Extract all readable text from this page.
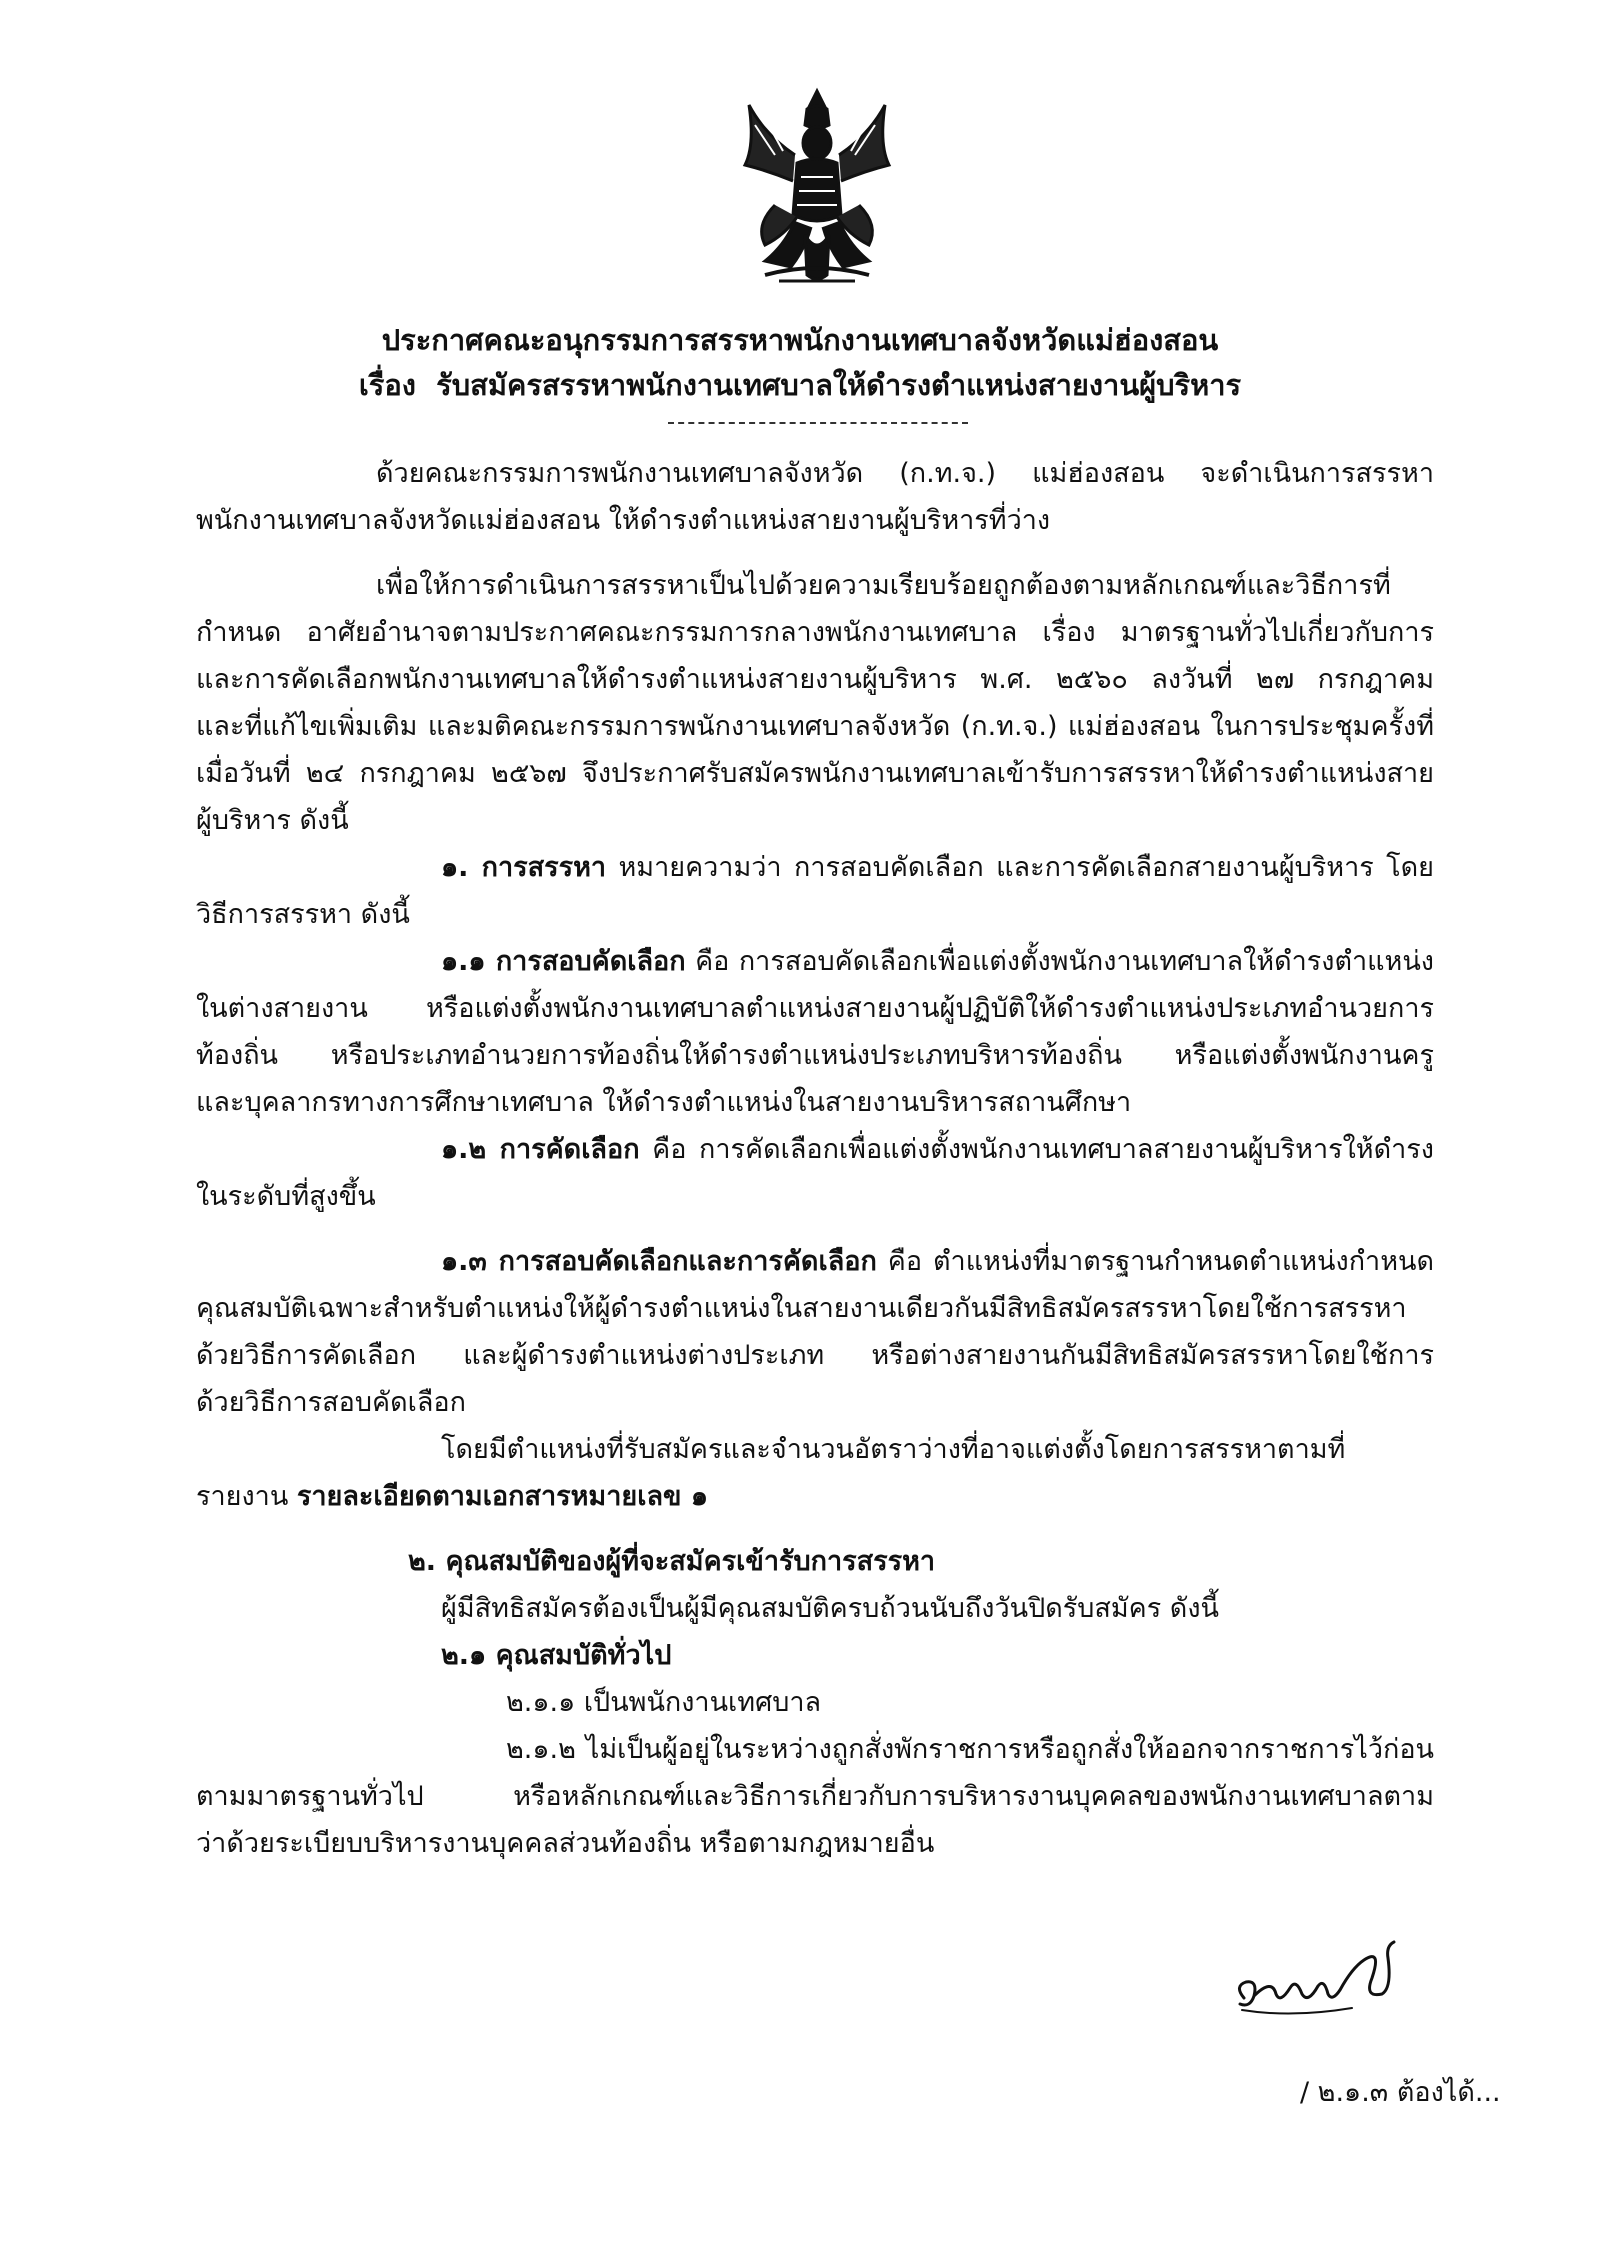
ประกาศคณะอนุกรรมการสรรหาพนักงานเทศบาลจังหวัดแม่ฮ่องสอน
เรื่อง รับสมัครสรรหาพนักงานเทศบาลให้ดำรงตำแหน่งสายงานผู้บริหาร
ด้วยคณะกรรมการพนักงานเทศบาลจังหวัด (ก.ท.จ.) แม่ฮ่องสอน จะดำเนินการสรรหา
พนักงานเทศบาลจังหวัดแม่ฮ่องสอน ให้ดำรงตำแหน่งสายงานผู้บริหารที่ว่าง
เพื่อให้การดำเนินการสรรหาเป็นไปด้วยความเรียบร้อยถูกต้องตามหลักเกณฑ์และวิธีการที่
กำหนด อาศัยอำนาจตามประกาศคณะกรรมการกลางพนักงานเทศบาล เรื่อง มาตรฐานทั่วไปเกี่ยวกับการ
และการคัดเลือกพนักงานเทศบาลให้ดำรงตำแหน่งสายงานผู้บริหาร พ.ศ. ๒๕๖๐ ลงวันที่ ๒๗ กรกฎาคม
และที่แก้ไขเพิ่มเติม และมติคณะกรรมการพนักงานเทศบาลจังหวัด (ก.ท.จ.) แม่ฮ่องสอน ในการประชุมครั้งที่
เมื่อวันที่ ๒๔ กรกฎาคม ๒๕๖๗ จึงประกาศรับสมัครพนักงานเทศบาลเข้ารับการสรรหาให้ดำรงตำแหน่งสาย
ผู้บริหาร ดังนี้
๑. การสรรหา หมายความว่า การสอบคัดเลือก และการคัดเลือกสายงานผู้บริหาร โดย
วิธีการสรรหา ดังนี้
๑.๑ การสอบคัดเลือก คือ การสอบคัดเลือกเพื่อแต่งตั้งพนักงานเทศบาลให้ดำรงตำแหน่ง
ในต่างสายงาน หรือแต่งตั้งพนักงานเทศบาลตำแหน่งสายงานผู้ปฏิบัติให้ดำรงตำแหน่งประเภทอำนวยการ
ท้องถิ่น หรือประเภทอำนวยการท้องถิ่นให้ดำรงตำแหน่งประเภทบริหารท้องถิ่น หรือแต่งตั้งพนักงานครู
และบุคลากรทางการศึกษาเทศบาล ให้ดำรงตำแหน่งในสายงานบริหารสถานศึกษา
๑.๒ การคัดเลือก คือ การคัดเลือกเพื่อแต่งตั้งพนักงานเทศบาลสายงานผู้บริหารให้ดำรง
ในระดับที่สูงขึ้น
๑.๓ การสอบคัดเลือกและการคัดเลือก คือ ตำแหน่งที่มาตรฐานกำหนดตำแหน่งกำหนด
คุณสมบัติเฉพาะสำหรับตำแหน่งให้ผู้ดำรงตำแหน่งในสายงานเดียวกันมีสิทธิสมัครสรรหาโดยใช้การสรรหา
ด้วยวิธีการคัดเลือก และผู้ดำรงตำแหน่งต่างประเภท หรือต่างสายงานกันมีสิทธิสมัครสรรหาโดยใช้การ
ด้วยวิธีการสอบคัดเลือก
โดยมีตำแหน่งที่รับสมัครและจำนวนอัตราว่างที่อาจแต่งตั้งโดยการสรรหาตามที่
รายงาน รายละเอียดตามเอกสารหมายเลข ๑
๒. คุณสมบัติของผู้ที่จะสมัครเข้ารับการสรรหา
ผู้มีสิทธิสมัครต้องเป็นผู้มีคุณสมบัติครบถ้วนนับถึงวันปิดรับสมัคร ดังนี้
๒.๑ คุณสมบัติทั่วไป
๒.๑.๑ เป็นพนักงานเทศบาล
๒.๑.๒ ไม่เป็นผู้อยู่ในระหว่างถูกสั่งพักราชการหรือถูกสั่งให้ออกจากราชการไว้ก่อน
ตามมาตรฐานทั่วไป หรือหลักเกณฑ์และวิธีการเกี่ยวกับการบริหารงานบุคคลของพนักงานเทศบาลตาม
ว่าด้วยระเบียบบริหารงานบุคคลส่วนท้องถิ่น หรือตามกฎหมายอื่น
/ ๒.๑.๓ ต้องได้...
